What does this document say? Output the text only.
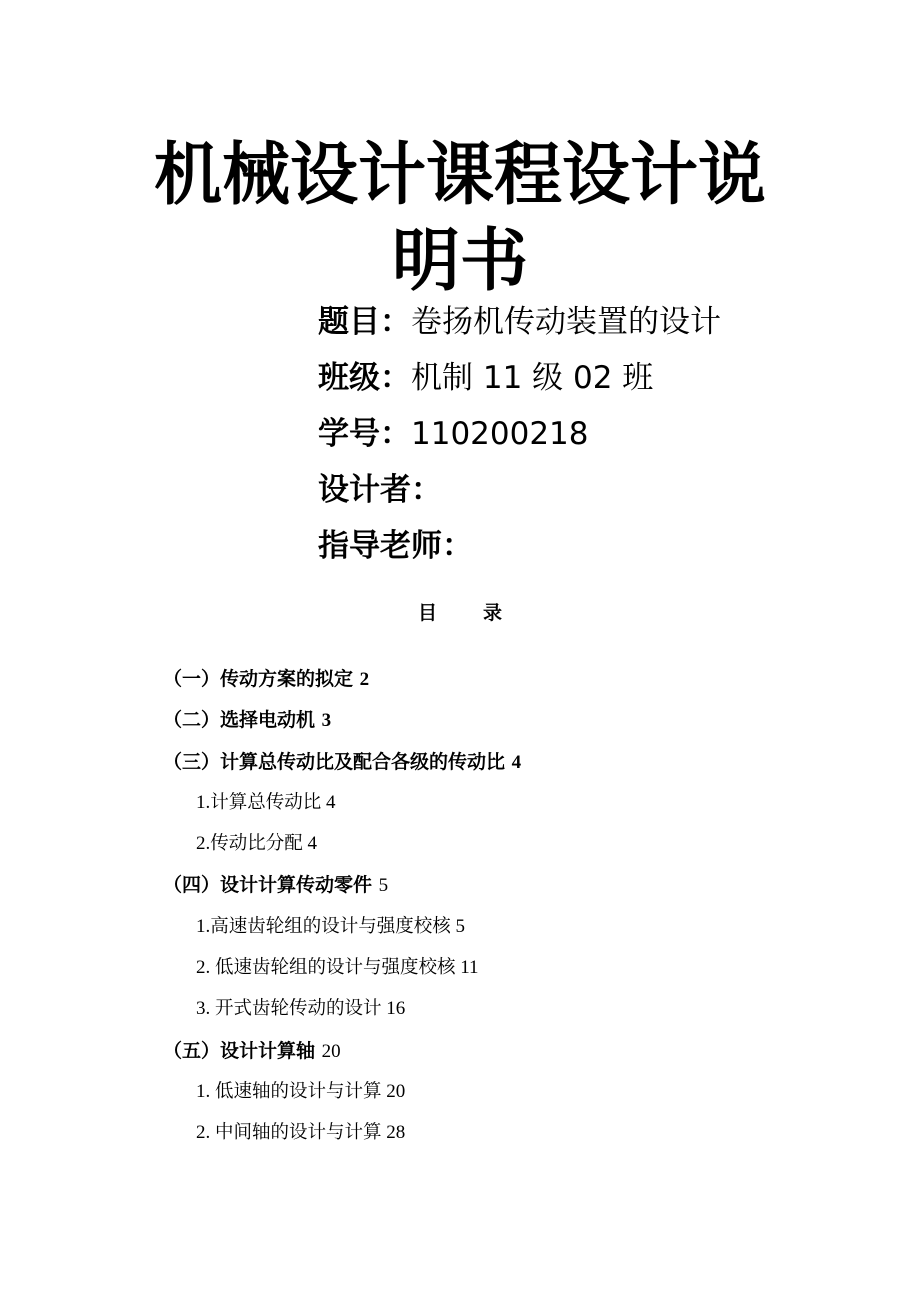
机械设计课程设计说
明书
题目：卷扬机传动装置的设计
班级：机制 11 级 02 班
学号：110200218
设计者：
指导老师：
目 录
（一）传动方案的拟定 2
（二）选择电动机 3
（三）计算总传动比及配合各级的传动比 4
1.计算总传动比 4
2.传动比分配 4
（四）设计计算传动零件 5
1.高速齿轮组的设计与强度校核 5
2. 低速齿轮组的设计与强度校核 11
3. 开式齿轮传动的设计 16
（五）设计计算轴 20
1. 低速轴的设计与计算 20
2. 中间轴的设计与计算 28
